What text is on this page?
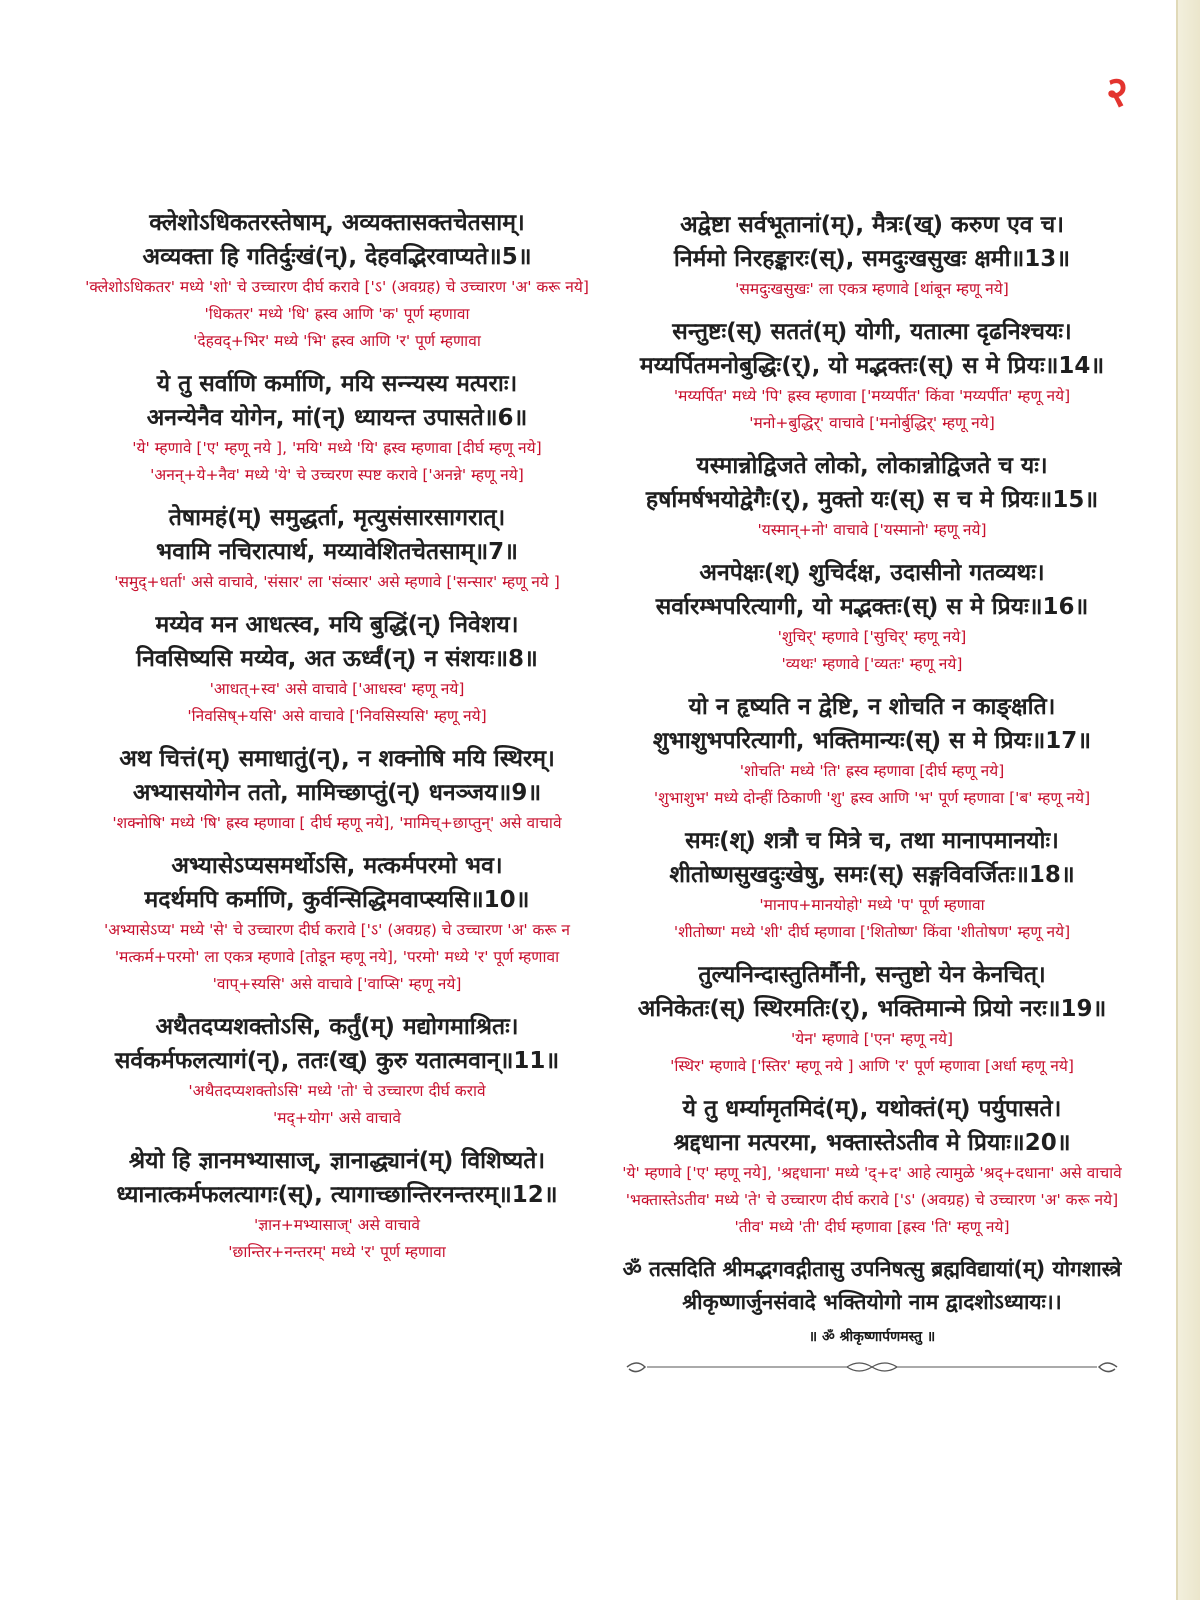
२
क्लेशोऽधिकतरस्तेषाम्, अव्यक्तासक्तचेतसाम्।
अव्यक्ता हि गतिर्दुःखं(न्), देहवद्भिरवाप्यते॥5॥
'क्लेशोऽधिकतर' मध्ये 'शो' चे उच्चारण दीर्घ करावे ['ऽ' (अवग्रह) चे उच्चारण 'अ' करू नये]
'धिकतर' मध्ये 'धि' ह्रस्व आणि 'क' पूर्ण म्हणावा
'देहवद्+भिर' मध्ये 'भि' ह्रस्व आणि 'र' पूर्ण म्हणावा
ये तु सर्वाणि कर्माणि, मयि सन्न्यस्य मत्पराः।
अनन्येनैव योगेन, मां(न्) ध्यायन्त उपासते॥6॥
'ये' म्हणावे ['ए' म्हणू नये ], 'मयि' मध्ये 'यि' ह्रस्व म्हणावा [दीर्घ म्हणू नये]
'अनन्+ये+नैव' मध्ये 'ये' चे उच्चरण स्पष्ट करावे ['अनन्ने' म्हणू नये]
तेषामहं(म्) समुद्धर्ता, मृत्युसंसारसागरात्।
भवामि नचिरात्पार्थ, मय्यावेशितचेतसाम्॥7॥
'समुद्+धर्ता' असे वाचावे, 'संसार' ला 'संव्सार' असे म्हणावे ['सन्सार' म्हणू नये ]
मय्येव मन आधत्स्व, मयि बुद्धिं(न्) निवेशय।
निवसिष्यसि मय्येव, अत ऊर्ध्वं(न्) न संशयः॥8॥
'आधत्+स्व' असे वाचावे ['आधस्व' म्हणू नये]
'निवसिष्+यसि' असे वाचावे ['निवसिस्यसि' म्हणू नये]
अथ चित्तं(म्) समाधातुं(न्), न शक्नोषि मयि स्थिरम्।
अभ्यासयोगेन ततो, मामिच्छाप्तुं(न्) धनञ्जय॥9॥
'शक्नोषि' मध्ये 'षि' ह्रस्व म्हणावा [ दीर्घ म्हणू नये], 'मामिच्+छाप्तुन्' असे वाचावे
अभ्यासेऽप्यसमर्थोऽसि, मत्कर्मपरमो भव।
मदर्थमपि कर्माणि, कुर्वन्सिद्धिमवाप्स्यसि॥10॥
'अभ्यासेऽप्य' मध्ये 'से' चे उच्चारण दीर्घ करावे ['ऽ' (अवग्रह) चे उच्चारण 'अ' करू न
'मत्कर्म+परमो' ला एकत्र म्हणावे [तोडून म्हणू नये], 'परमो' मध्ये 'र' पूर्ण म्हणावा
'वाप्+स्यसि' असे वाचावे ['वाप्सि' म्हणू नये]
अथैतदप्यशक्तोऽसि, कर्तुं(म्) मद्योगमाश्रितः।
सर्वकर्मफलत्यागं(न्), ततः(ख्) कुरु यतात्मवान्॥11॥
'अथैतदप्यशक्तोऽसि' मध्ये 'तो' चे उच्चारण दीर्घ करावे
'मद्+योग' असे वाचावे
श्रेयो हि ज्ञानमभ्यासाज्, ज्ञानाद्ध्यानं(म्) विशिष्यते।
ध्यानात्कर्मफलत्यागः(स्), त्यागाच्छान्तिरनन्तरम्॥12॥
'ज्ञान+मभ्यासाज्' असे वाचावे
'छान्तिर+नन्तरम्' मध्ये 'र' पूर्ण म्हणावा
अद्वेष्टा सर्वभूतानां(म्), मैत्रः(ख्) करुण एव च।
निर्ममो निरहङ्कारः(स्), समदुःखसुखः क्षमी॥13॥
'समदुःखसुखः' ला एकत्र म्हणावे [थांबून म्हणू नये]
सन्तुष्टः(स्) सततं(म्) योगी, यतात्मा दृढनिश्चयः।
मय्यर्पितमनोबुद्धिः(र्), यो मद्भक्तः(स्) स मे प्रियः॥14॥
'मय्यर्पित' मध्ये 'पि' ह्रस्व म्हणावा ['मय्यर्पीत' किंवा 'मय्यर्पीत' म्हणू नये]
'मनो+बुद्धिर्' वाचावे ['मनोर्बुद्धिर्' म्हणू नये]
यस्मान्नोद्विजते लोको, लोकान्नोद्विजते च यः।
हर्षामर्षभयोद्वेगैः(र्), मुक्तो यः(स्) स च मे प्रियः॥15॥
'यस्मान्+नो' वाचावे ['यस्मानो' म्हणू नये]
अनपेक्षः(श्) शुचिर्दक्ष, उदासीनो गतव्यथः।
सर्वारम्भपरित्यागी, यो मद्भक्तः(स्) स मे प्रियः॥16॥
'शुचिर्' म्हणावे ['सुचिर्' म्हणू नये]
'व्यथः' म्हणावे ['व्यतः' म्हणू नये]
यो न हृष्यति न द्वेष्टि, न शोचति न काङ्क्षति।
शुभाशुभपरित्यागी, भक्तिमान्यः(स्) स मे प्रियः॥17॥
'शोचति' मध्ये 'ति' ह्रस्व म्हणावा [दीर्घ म्हणू नये]
'शुभाशुभ' मध्ये दोन्हीं ठिकाणी 'शु' ह्रस्व आणि 'भ' पूर्ण म्हणावा ['ब' म्हणू नये]
समः(श्) शत्रौ च मित्रे च, तथा मानापमानयोः।
शीतोष्णसुखदुःखेषु, समः(स्) सङ्गविवर्जितः॥18॥
'मानाप+मानयोहो' मध्ये 'प' पूर्ण म्हणावा
'शीतोष्ण' मध्ये 'शी' दीर्घ म्हणावा ['शितोष्ण' किंवा 'शीतोषण' म्हणू नये]
तुल्यनिन्दास्तुतिर्मौनी, सन्तुष्टो येन केनचित्।
अनिकेतः(स्) स्थिरमतिः(र्), भक्तिमान्मे प्रियो नरः॥19॥
'येन' म्हणावे ['एन' म्हणू नये]
'स्थिर' म्हणावे ['स्तिर' म्हणू नये ] आणि 'र' पूर्ण म्हणावा [अर्धा म्हणू नये]
ये तु धर्म्यामृतमिदं(म्), यथोक्तं(म्) पर्युपासते।
श्रद्दधाना मत्परमा, भक्तास्तेऽतीव मे प्रियाः॥20॥
'ये' म्हणावे ['ए' म्हणू नये], 'श्रद्दधाना' मध्ये 'द्+द' आहे त्यामुळे 'श्रद्+दधाना' असे वाचावे
'भक्तास्तेऽतीव' मध्ये 'ते' चे उच्चारण दीर्घ करावे ['ऽ' (अवग्रह) चे उच्चारण 'अ' करू नये]
'तीव' मध्ये 'ती' दीर्घ म्हणावा [ह्रस्व 'ति' म्हणू नये]
ॐ तत्सदिति श्रीमद्भगवद्गीतासु उपनिषत्सु ब्रह्मविद्यायां(म्) योगशास्त्रे
श्रीकृष्णार्जुनसंवादे भक्तियोगो नाम द्वादशोऽध्यायः।।
॥ ॐ श्रीकृष्णार्पणमस्तु ॥
